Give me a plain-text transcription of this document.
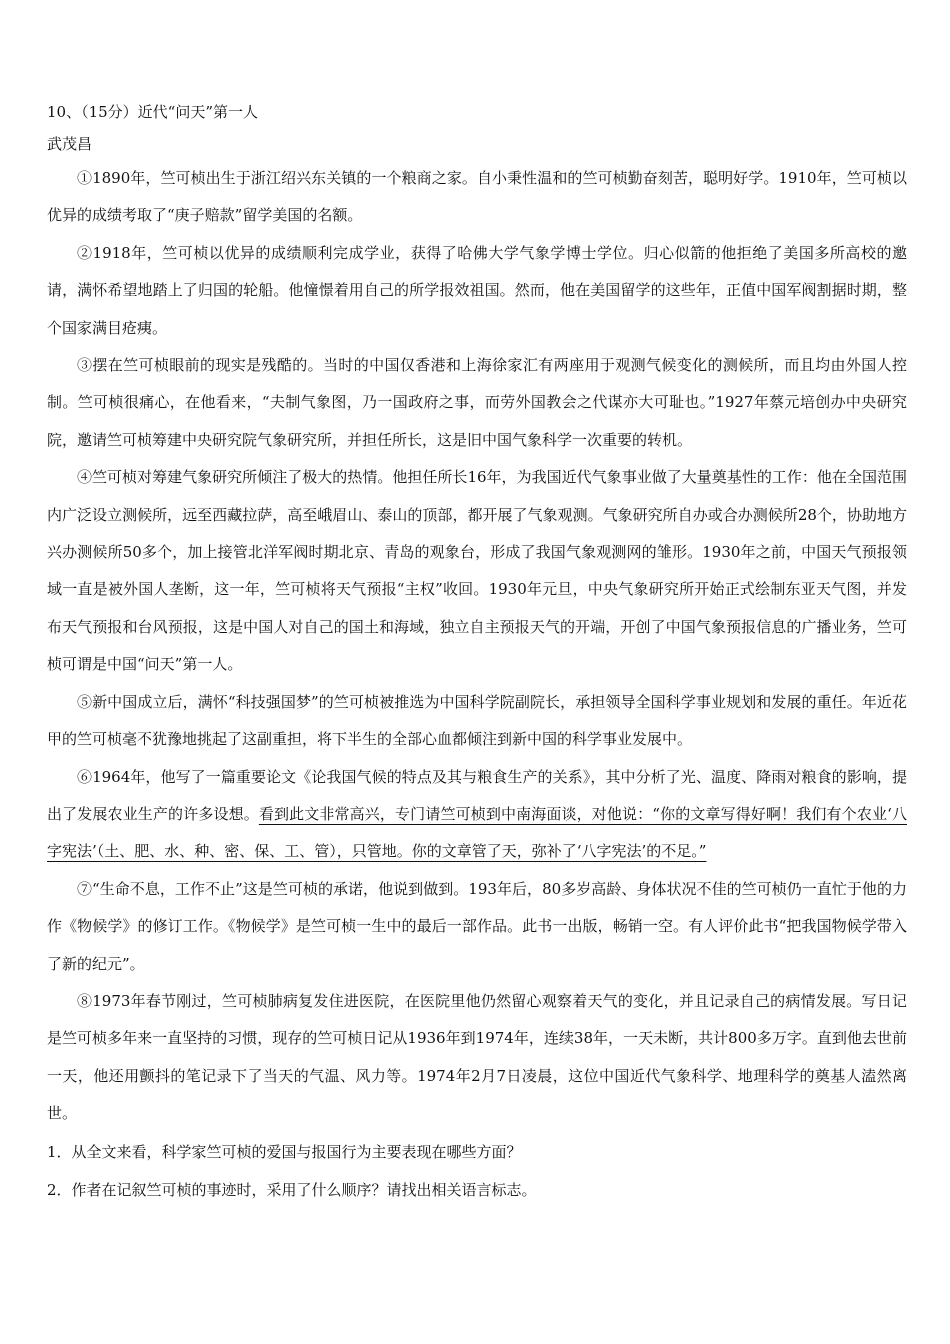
10、（15分）近代“问天”第一人

武茂昌

①1890年，竺可桢出生于浙江绍兴东关镇的一个粮商之家。自小秉性温和的竺可桢勤奋刻苦，聪明好学。1910年，竺可桢以优异的成绩考取了“庚子赔款”留学美国的名额。

②1918年，竺可桢以优异的成绩顺利完成学业，获得了哈佛大学气象学博士学位。归心似箭的他拒绝了美国多所高校的邀请，满怀希望地踏上了归国的轮船。他憧憬着用自己的所学报效祖国。然而，他在美国留学的这些年，正值中国军阀割据时期，整个国家满目疮痍。

③摆在竺可桢眼前的现实是残酷的。当时的中国仅香港和上海徐家汇有两座用于观测气候变化的测候所，而且均由外国人控制。竺可桢很痛心，在他看来，“夫制气象图，乃一国政府之事，而劳外国教会之代谋亦大可耻也。”1927年蔡元培创办中央研究院，邀请竺可桢筹建中央研究院气象研究所，并担任所长，这是旧中国气象科学一次重要的转机。

④竺可桢对筹建气象研究所倾注了极大的热情。他担任所长16年，为我国近代气象事业做了大量奠基性的工作：他在全国范围内广泛设立测候所，远至西藏拉萨，高至峨眉山、泰山的顶部，都开展了气象观测。气象研究所自办或合办测候所28个，协助地方兴办测候所50多个，加上接管北洋军阀时期北京、青岛的观象台，形成了我国气象观测网的雏形。1930年之前，中国天气预报领域一直是被外国人垄断，这一年，竺可桢将天气预报“主权”收回。1930年元旦，中央气象研究所开始正式绘制东亚天气图，并发布天气预报和台风预报，这是中国人对自己的国土和海域，独立自主预报天气的开端，开创了中国气象预报信息的广播业务，竺可桢可谓是中国“问天”第一人。

⑤新中国成立后，满怀“科技强国梦”的竺可桢被推选为中国科学院副院长，承担领导全国科学事业规划和发展的重任。年近花甲的竺可桢毫不犹豫地挑起了这副重担，将下半生的全部心血都倾注到新中国的科学事业发展中。

⑥1964年，他写了一篇重要论文《论我国气候的特点及其与粮食生产的关系》，其中分析了光、温度、降雨对粮食的影响，提出了发展农业生产的许多设想。看到此文非常高兴，专门请竺可桢到中南海面谈，对他说：“你的文章写得好啊！我们有个农业‘八字宪法’（土、肥、水、种、密、保、工、管），只管地。你的文章管了天，弥补了‘八字宪法’的不足。”

⑦“生命不息，工作不止”这是竺可桢的承诺，他说到做到。193年后，80多岁高龄、身体状况不佳的竺可桢仍一直忙于他的力作《物候学》的修订工作。《物候学》是竺可桢一生中的最后一部作品。此书一出版，畅销一空。有人评价此书“把我国物候学带入了新的纪元”。

⑧1973年春节刚过，竺可桢肺病复发住进医院，在医院里他仍然留心观察着天气的变化，并且记录自己的病情发展。写日记是竺可桢多年来一直坚持的习惯，现存的竺可桢日记从1936年到1974年，连续38年，一天未断，共计800多万字。直到他去世前一天，他还用颤抖的笔记录下了当天的气温、风力等。1974年2月7日凌晨，这位中国近代气象科学、地理科学的奠基人溘然离世。

1．从全文来看，科学家竺可桢的爱国与报国行为主要表现在哪些方面？

2．作者在记叙竺可桢的事迹时，采用了什么顺序？请找出相关语言标志。
